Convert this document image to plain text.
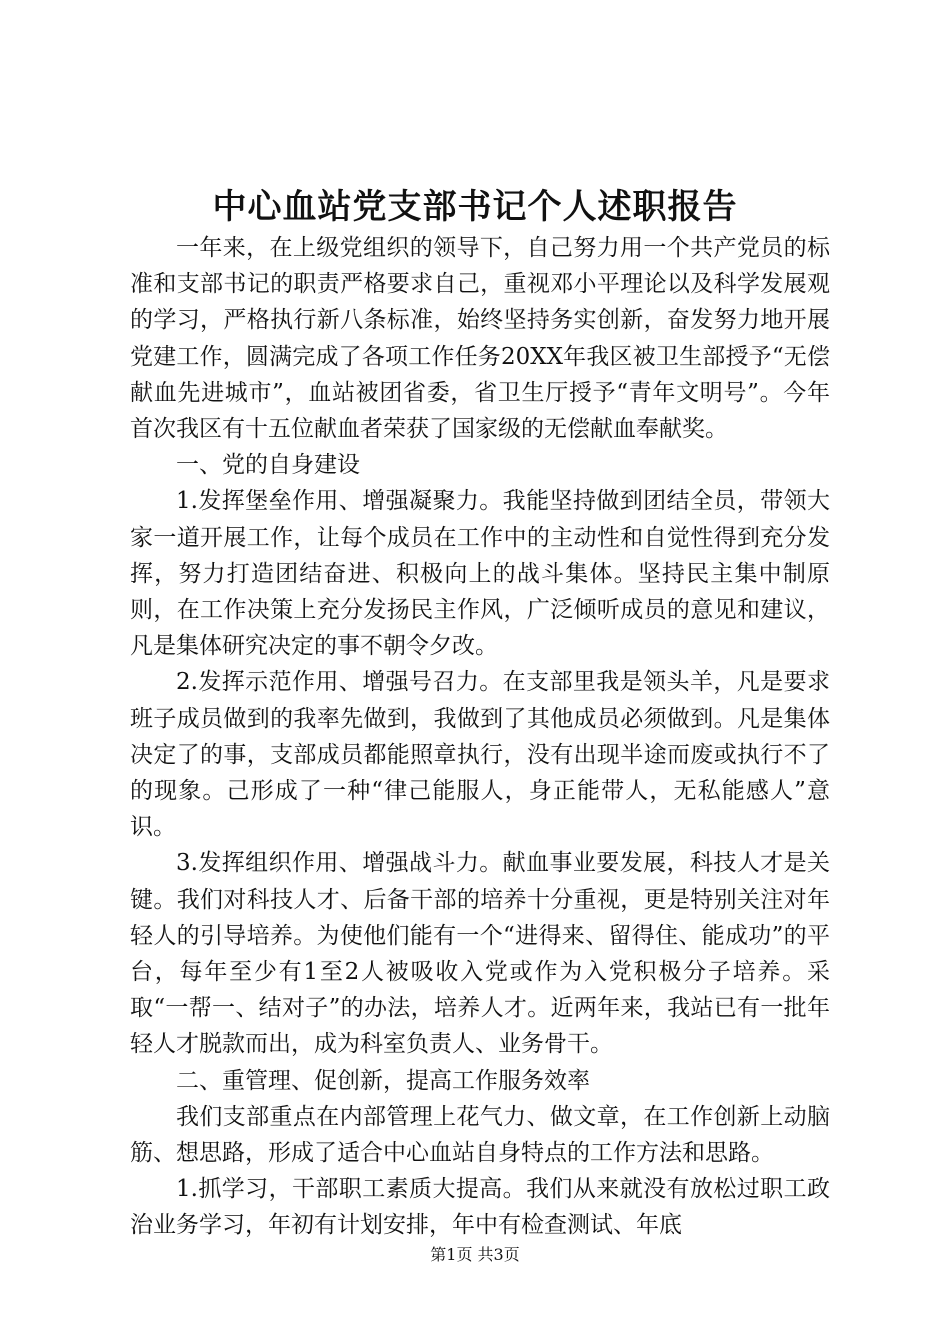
中心血站党支部书记个人述职报告

一年来，在上级党组织的领导下，自己努力用一个共产党员的标准和支部书记的职责严格要求自己，重视邓小平理论以及科学发展观的学习，严格执行新八条标准，始终坚持务实创新，奋发努力地开展党建工作，圆满完成了各项工作任务20XX年我区被卫生部授予“无偿献血先进城市”，血站被团省委，省卫生厅授予“青年文明号”。今年首次我区有十五位献血者荣获了国家级的无偿献血奉献奖。

一、党的自身建设

1.发挥堡垒作用、增强凝聚力。我能坚持做到团结全员，带领大家一道开展工作，让每个成员在工作中的主动性和自觉性得到充分发挥，努力打造团结奋进、积极向上的战斗集体。坚持民主集中制原则，在工作决策上充分发扬民主作风，广泛倾听成员的意见和建议，凡是集体研究决定的事不朝令夕改。

2.发挥示范作用、增强号召力。在支部里我是领头羊，凡是要求班子成员做到的我率先做到，我做到了其他成员必须做到。凡是集体决定了的事，支部成员都能照章执行，没有出现半途而废或执行不了的现象。己形成了一种“律己能服人，身正能带人，无私能感人”意识。

3.发挥组织作用、增强战斗力。献血事业要发展，科技人才是关键。我们对科技人才、后备干部的培养十分重视，更是特别关注对年轻人的引导培养。为使他们能有一个“进得来、留得住、能成功”的平台，每年至少有1至2人被吸收入党或作为入党积极分子培养。采取“一帮一、结对子”的办法，培养人才。近两年来，我站已有一批年轻人才脱款而出，成为科室负责人、业务骨干。

二、重管理、促创新，提高工作服务效率

我们支部重点在内部管理上花气力、做文章，在工作创新上动脑筋、想思路，形成了适合中心血站自身特点的工作方法和思路。

1.抓学习，干部职工素质大提高。我们从来就没有放松过职工政治业务学习，年初有计划安排，年中有检查测试、年底

第1页 共3页
